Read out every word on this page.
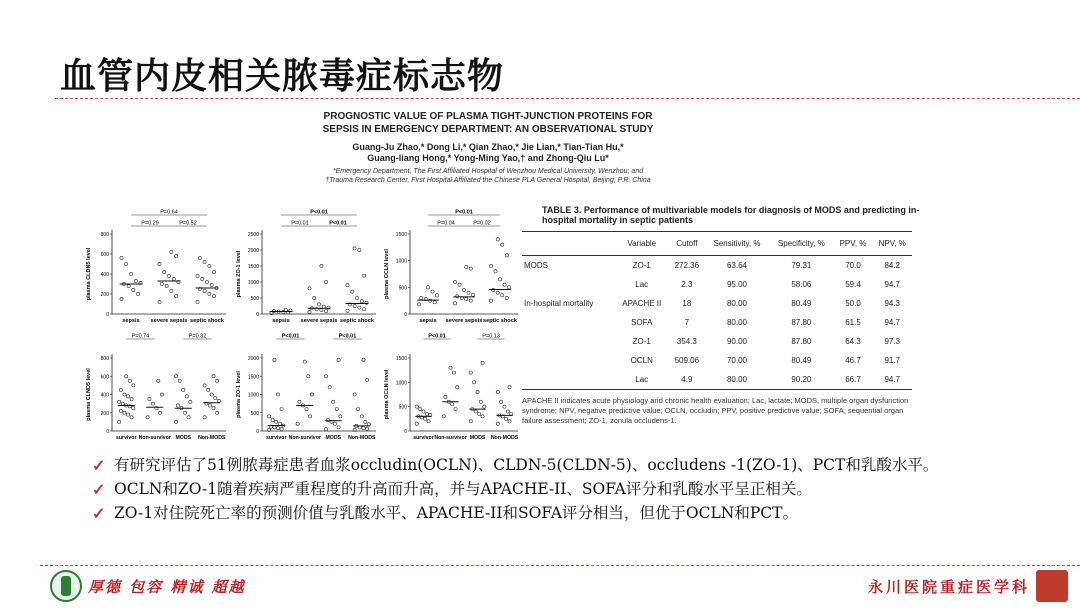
血管内皮相关脓毒症标志物
PROGNOSTIC VALUE OF PLASMA TIGHT-JUNCTION PROTEINS FOR
SEPSIS IN EMERGENCY DEPARTMENT: AN OBSERVATIONAL STUDY
Guang-Ju Zhao,* Dong Li,* Qian Zhao,* Jie Lian,* Tian-Tian Hu,*
Guang-liang Hong,* Yong-Ming Yao,† and Zhong-Qiu Lu*
*Emergency Department, The First Affiliated Hospital of Wenzhou Medical University, Wenzhou; and
†Trauma Research Center, First Hospital Affiliated the Chinese PLA General Hospital, Beijing, P.R. China
0
200
400
600
800
plasma CLDN5 level
sepsis severe sepsis septic shock
P=0.64
P=0.29	P=0.52
0
500
1000
1500
2000
2500
plasma ZO-1 level
sepsis severe sepsis septic shock
P<0.01
P=0.01	P<0.01
0
500
1000
1500
plasma OCLN level
sepsis severe sepsis septic shock
P<0.01
P=0.04	P=0.02
0
200
400
600
800
plasma CLND5 level
survivor Non-survivor MODS Non-MODS
P=0.74	P=0.32
0
500
1000
1500
2000
plasma ZO-1 level
survivor Non-survivor MODS Non-MODS
P<0.01	P<0.01
0
500
1000
1500
plasma OCLN level
survivor Non-survivor MODS Non-MODS
P<0.01	P=0.13
TABLE 3. Performance of multivariable models for diagnosis of MODS and predicting in-hospital mortality in septic patients
	Variable	Cutoff	Sensitivity, %	Specificity, %	PPV, %	NPV, %
MODS	ZO-1	272.36	63.64	79.31	70.0	84.2
	Lac	2.3	95.00	58.06	59.4	94.7
In-hospital mortality	APACHE II	18	80.00	80.49	50.0	94.3
	SOFA	7	80.00	87.80	61.5	94.7
	ZO-1	354.3	90.00	87.80	64.3	97.3
	OCLN	509.06	70.00	80.49	46.7	91.7
	Lac	4.9	80.00	90.20	66.7	94.7
APACHE II indicates acute physiology and chronic health evaluation; Lac, lactate; MODS, multiple organ dysfunction syndrome; NPV, negative predictive value; OCLN, occludin; PPV, positive predictive value; SOFA, sequential organ failure assessment; ZO-1, zonula occludens-1.
✓ 有研究评估了51例脓毒症患者血浆occludin(OCLN)、CLDN-5(CLDN-5)、occludens -1(ZO-1)、PCT和乳酸水平。
✓ OCLN和ZO-1随着疾病严重程度的升高而升高，并与APACHE-II、SOFA评分和乳酸水平呈正相关。
✓ ZO-1对住院死亡率的预测价值与乳酸水平、APACHE-II和SOFA评分相当，但优于OCLN和PCT。
厚德 包容 精诚 超越	永川医院重症医学科
